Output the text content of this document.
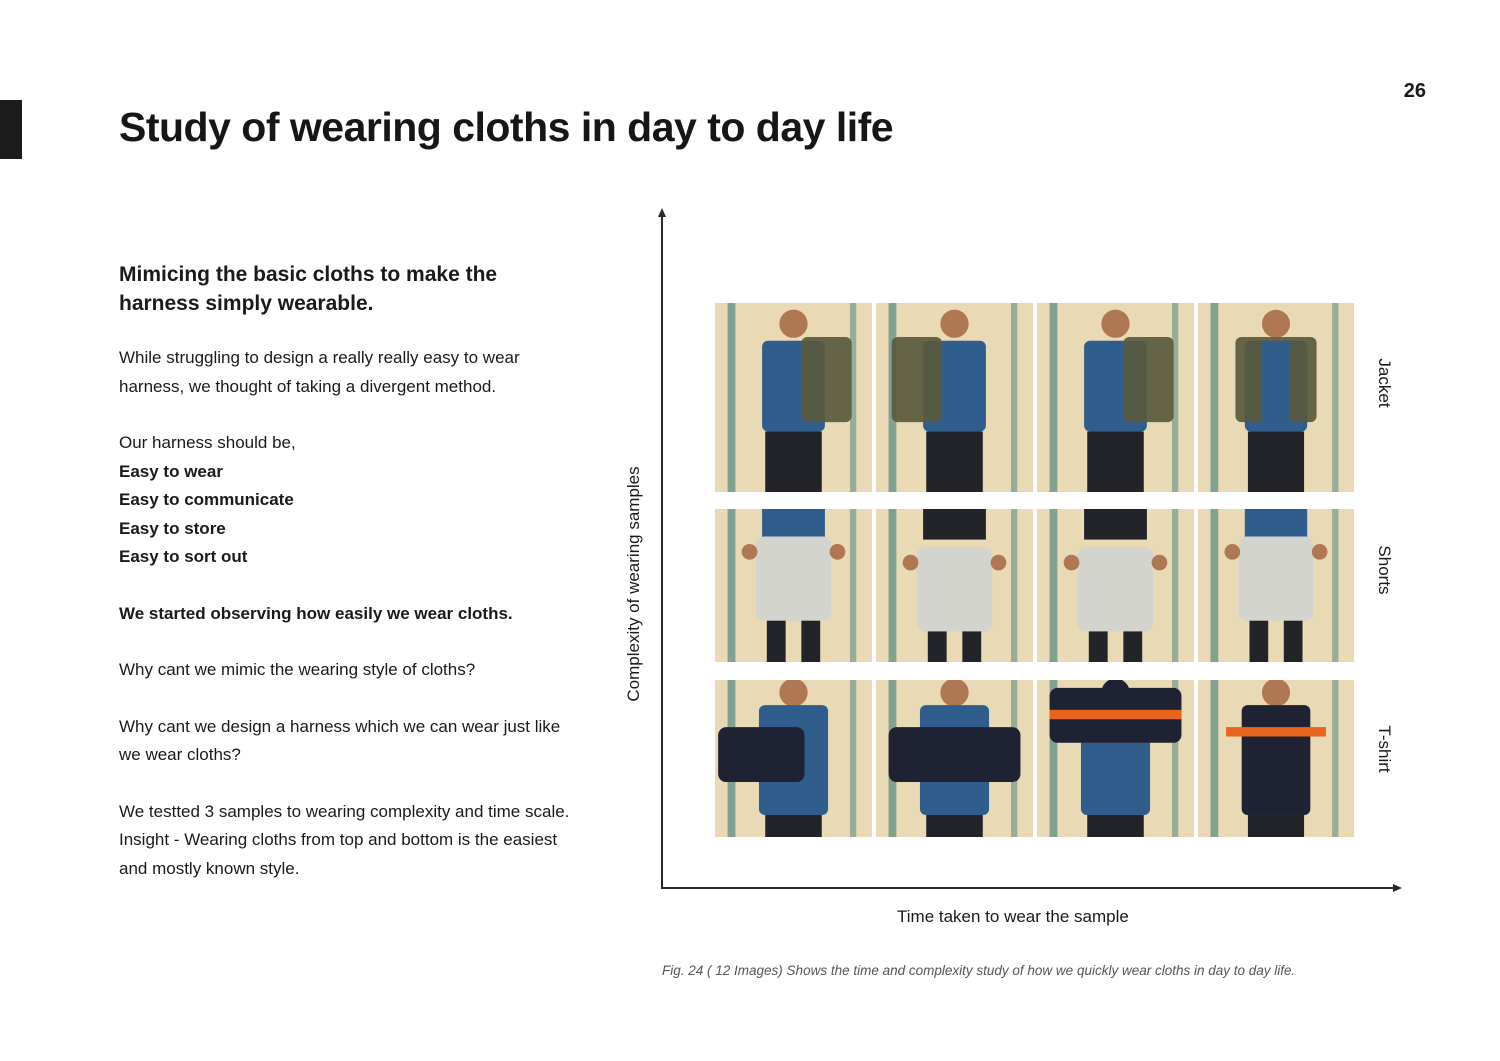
26
Study of wearing cloths in day to day life

Mimicing the basic cloths to make the harness simply wearable.

While struggling to design a really really easy to wear harness, we thought of taking a divergent method.

Our harness should be,
Easy to wear
Easy to communicate
Easy to store
Easy to sort out

We started observing how easily we wear cloths.

Why cant we mimic the wearing style of cloths?

Why cant we design a harness which we can wear just like we wear cloths?

We testted 3 samples to wearing complexity and time scale.

Insight - Wearing cloths from top and bottom is the easiest and mostly known style.

Complexity of wearing samples
Time taken to wear the sample
Jacket
Shorts
T-shirt
Fig. 24 ( 12 Images) Shows the time and complexity study of how we quickly wear cloths in day to day life.
